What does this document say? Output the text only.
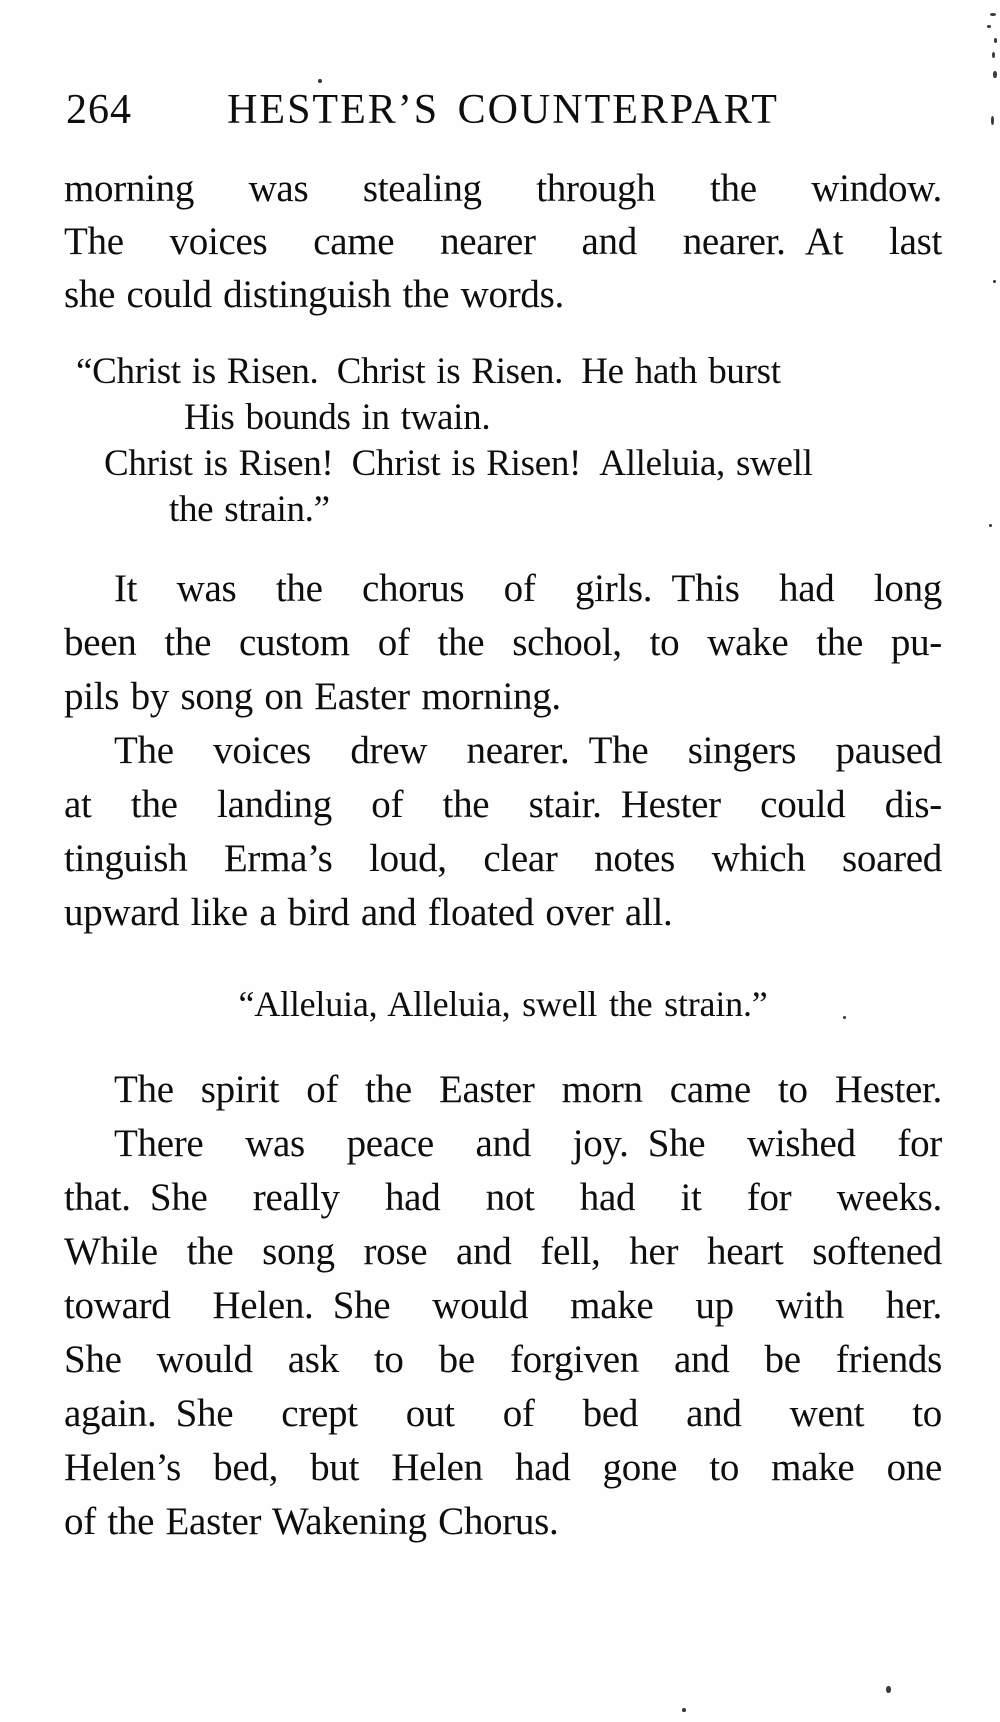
264	HESTER’S COUNTERPART
morning was stealing through the window.
The voices came nearer and nearer. At last
she could distinguish the words.
“Christ is Risen. Christ is Risen. He hath burst
His bounds in twain.
Christ is Risen! Christ is Risen! Alleluia, swell
the strain.”
It was the chorus of girls. This had long
been the custom of the school, to wake the pu-
pils by song on Easter morning.
The voices drew nearer. The singers paused
at the landing of the stair. Hester could dis-
tinguish Erma’s loud, clear notes which soared
upward like a bird and floated over all.
“Alleluia, Alleluia, swell the strain.”
The spirit of the Easter morn came to Hester.
There was peace and joy. She wished for
that. She really had not had it for weeks.
While the song rose and fell, her heart softened
toward Helen. She would make up with her.
She would ask to be forgiven and be friends
again. She crept out of bed and went to
Helen’s bed, but Helen had gone to make one
of the Easter Wakening Chorus.
